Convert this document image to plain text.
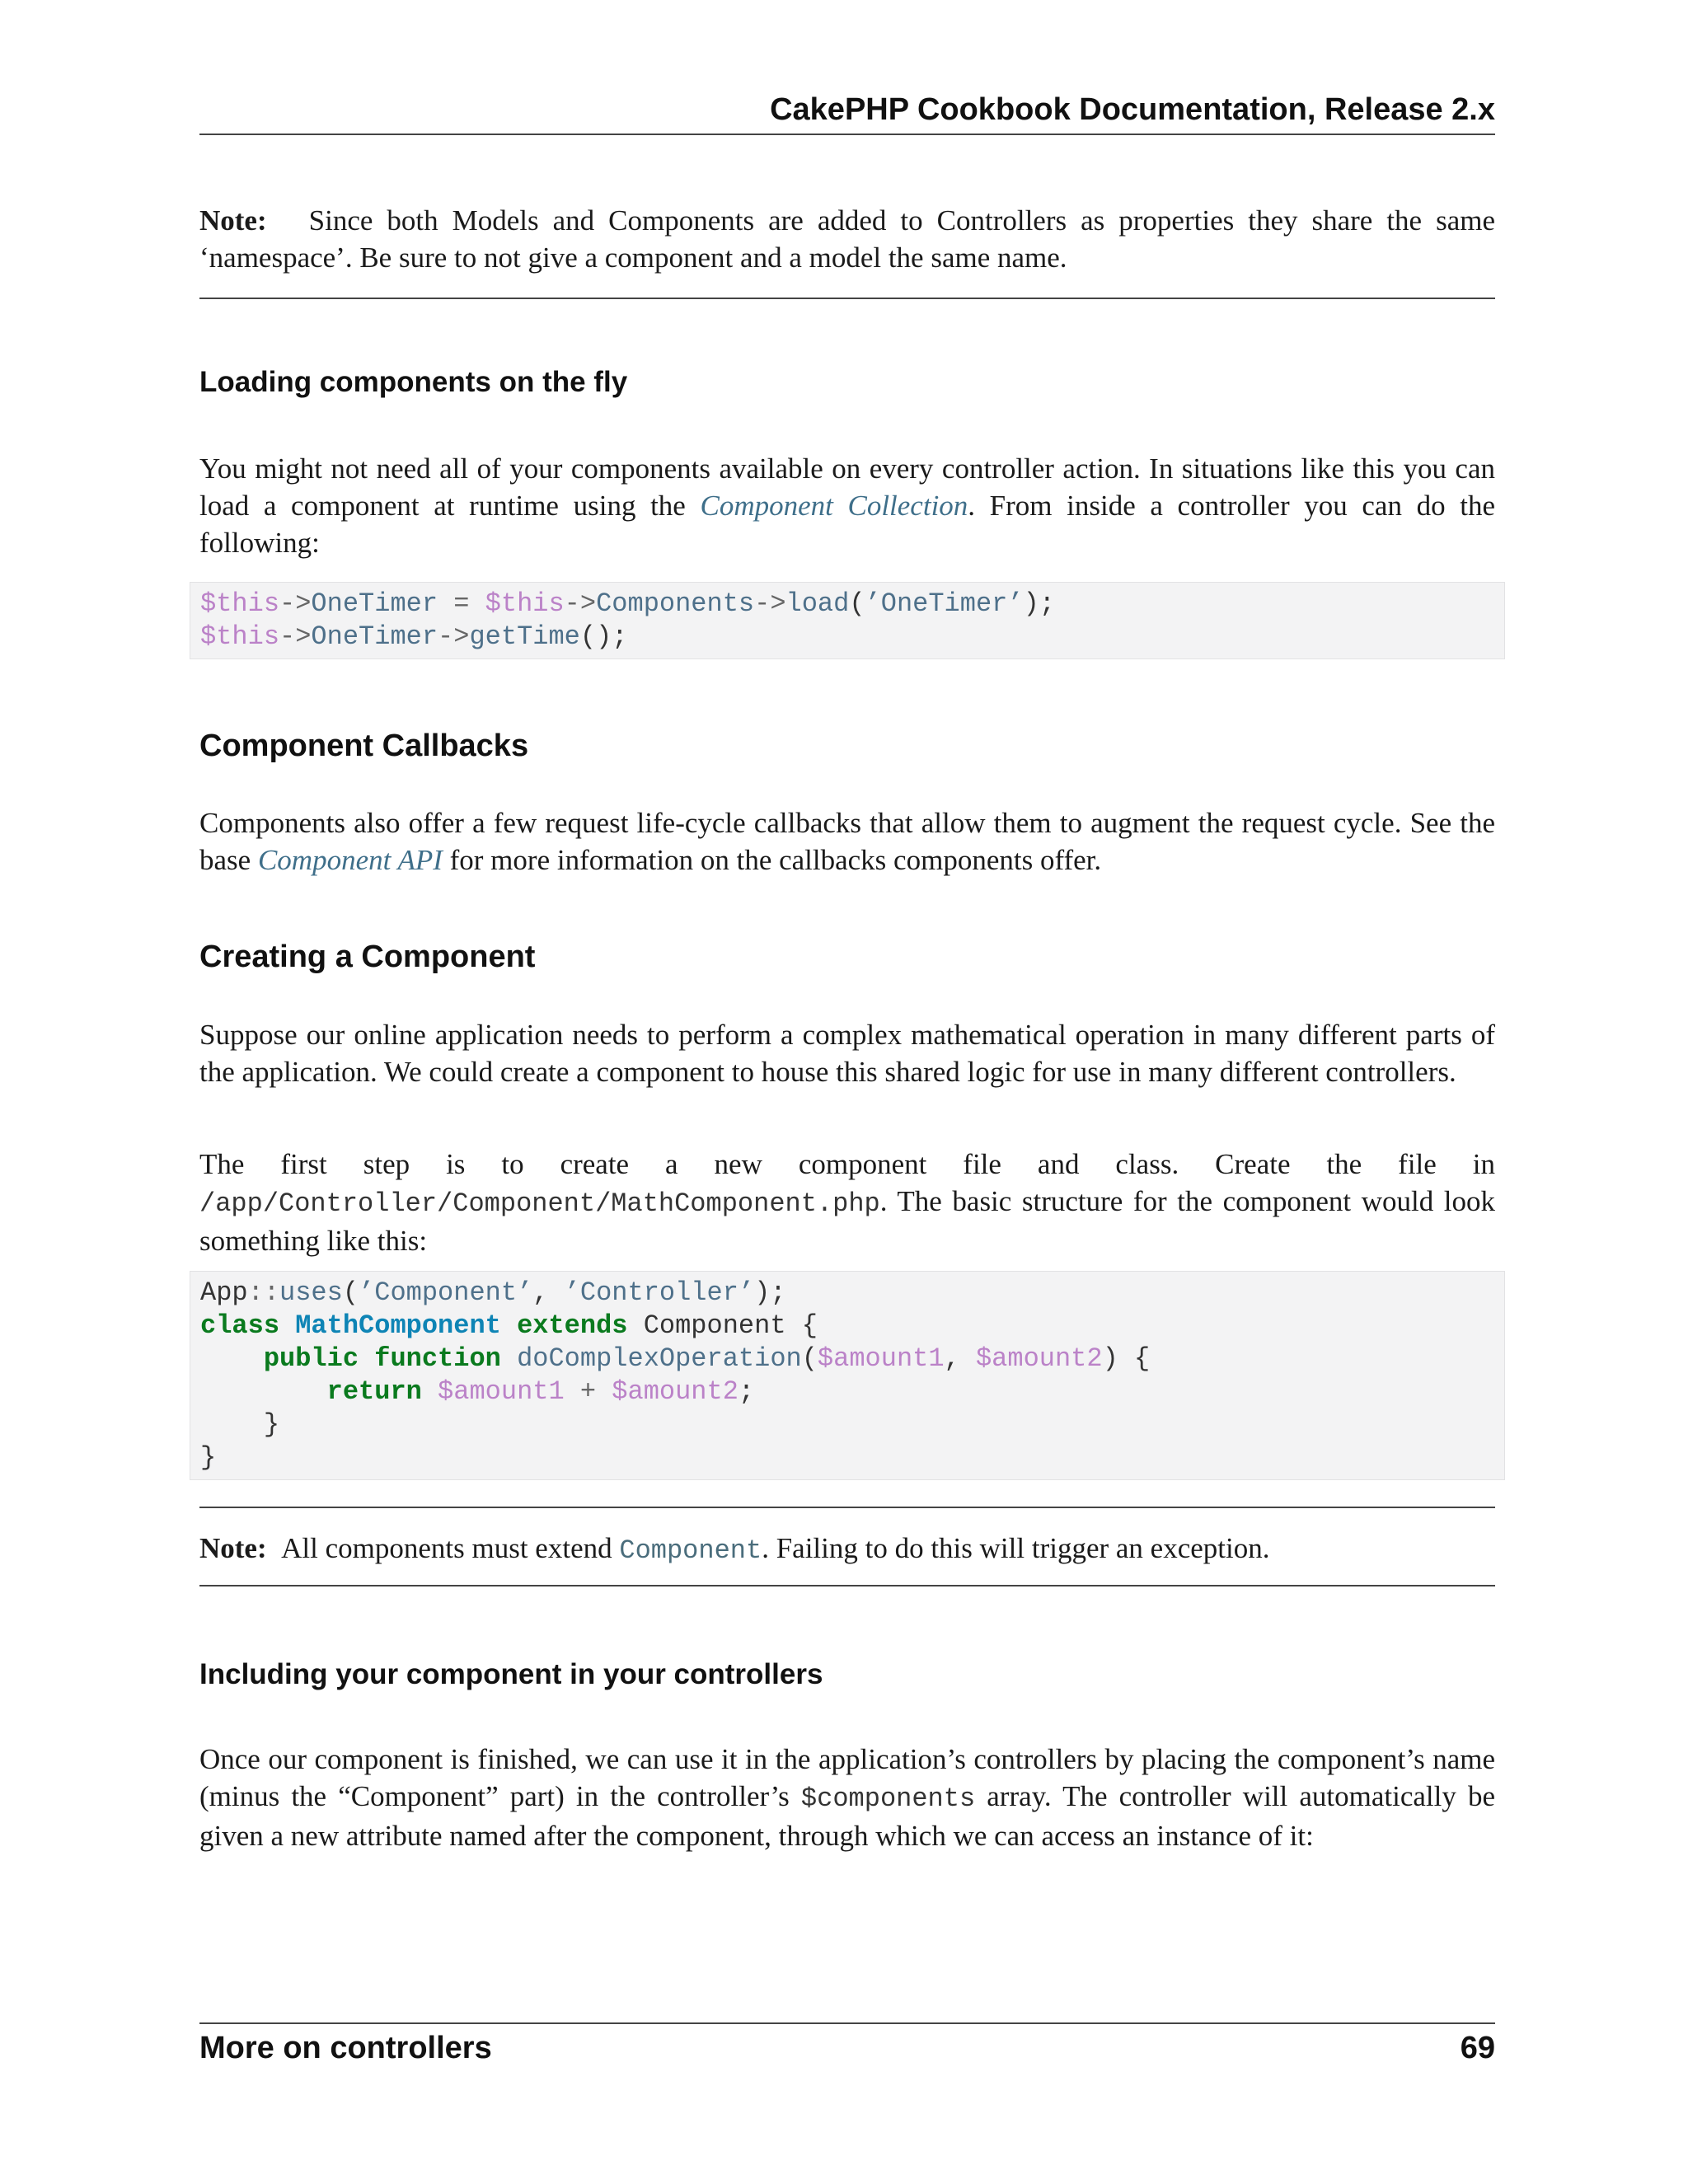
CakePHP Cookbook Documentation, Release 2.x

Note: Since both Models and Components are added to Controllers as properties they share the same ‘namespace’. Be sure to not give a component and a model the same name.

Loading components on the fly

You might not need all of your components available on every controller action. In situations like this you can load a component at runtime using the Component Collection. From inside a controller you can do the following:

$this->OneTimer = $this->Components->load(’OneTimer’);
$this->OneTimer->getTime();
Component Callbacks

Components also offer a few request life-cycle callbacks that allow them to augment the request cycle. See the base Component API for more information on the callbacks components offer.

Creating a Component

Suppose our online application needs to perform a complex mathematical operation in many different parts of the application. We could create a component to house this shared logic for use in many different controllers.

The first step is to create a new component file and class. Create the file in /app/Controller/Component/MathComponent.php. The basic structure for the component would look something like this:

App::uses(’Component’, ’Controller’);
class MathComponent extends Component {
public function doComplexOperation($amount1, $amount2) {
return $amount1 + $amount2;
}
}

Note: All components must extend Component. Failing to do this will trigger an exception.

Including your component in your controllers

Once our component is finished, we can use it in the application’s controllers by placing the component’s name (minus the “Component” part) in the controller’s $components array. The controller will automatically be given a new attribute named after the component, through which we can access an instance of it:

More on controllers	69
